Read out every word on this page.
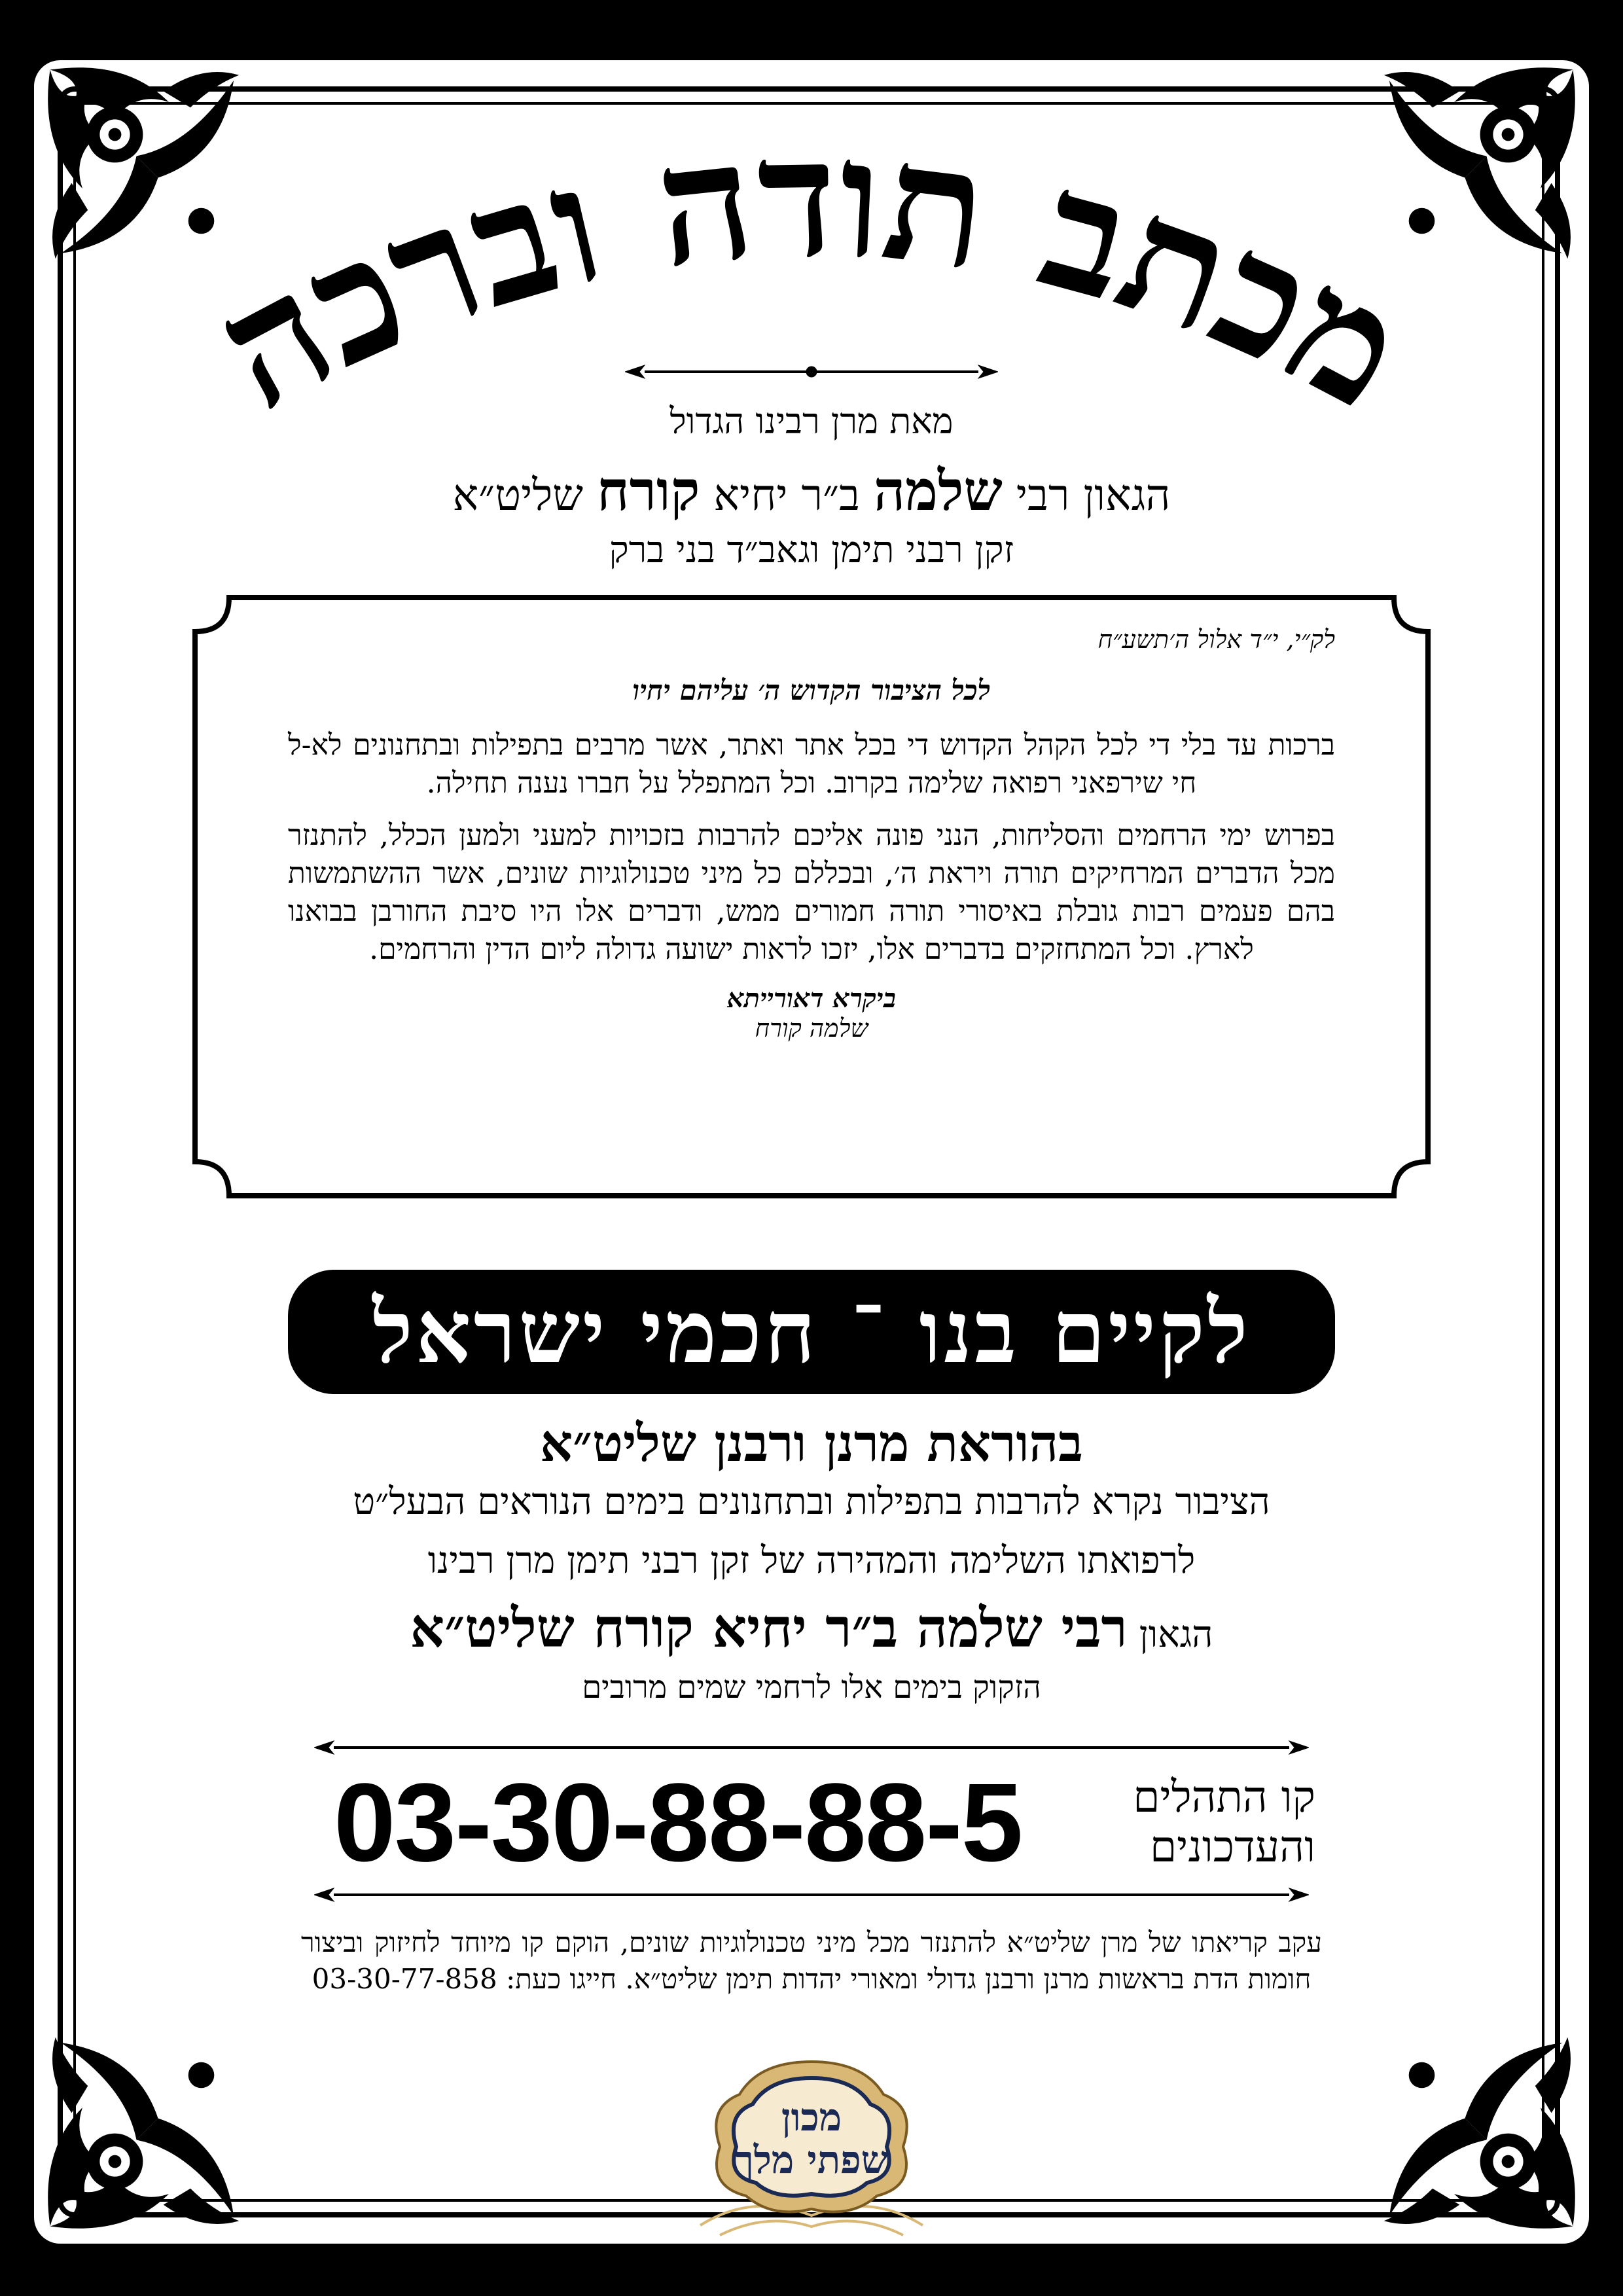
מכתב תודה וברכה
מאת מרן רבינו הגדול
הגאון רבי שלמה ב״ר יחיא קורח שליט״א
זקן רבני תימן וגאב״ד בני ברק
לק״י, י״ד אלול ה׳תשע״ח
לכל הציבור הקדוש ה׳ עליהם יחיו

ברכות עד בלי די לכל הקהל הקדוש די בכל אתר ואתר, אשר מרבים בתפילות ובתחנונים לא-ל חי שירפאני רפואה שלימה בקרוב. וכל המתפלל על חברו נענה תחילה.

בפרוש ימי הרחמים והסליחות, הנני פונה אליכם להרבות בזכויות למעני ולמען הכלל, להתנזר מכל הדברים המרחיקים תורה ויראת ה׳, ובכללם כל מיני טכנולוגיות שונים, אשר ההשתמשות בהם פעמים רבות גובלת באיסורי תורה חמורים ממש, ודברים אלו היו סיבת החורבן בבואנו לארץ. וכל המתחזקים בדברים אלו, יזכו לראות ישועה גדולה ליום הדין והרחמים.

ביקרא דאורייתא
שלמה קורח
לקיים בנו ־ חכמי ישראל
בהוראת מרנן ורבנן שליט״א
הציבור נקרא להרבות בתפילות ובתחנונים בימים הנוראים הבעל״ט
לרפואתו השלימה והמהירה של זקן רבני תימן מרן רבינו
הגאון רבי שלמה ב״ר יחיא קורח שליט״א
הזקוק בימים אלו לרחמי שמים מרובים
03-30-88-88-5	קו התהלים
והעדכונים
עקב קריאתו של מרן שליט״א להתנזר מכל מיני טכנולוגיות שונים, הוקם קו מיוחד לחיזוק וביצור חומות הדת בראשות מרנן ורבנן גדולי ומאורי יהדות תימן שליט״א. חייגו כעת: 03-30-77-858
מכון
שפתי מלך
